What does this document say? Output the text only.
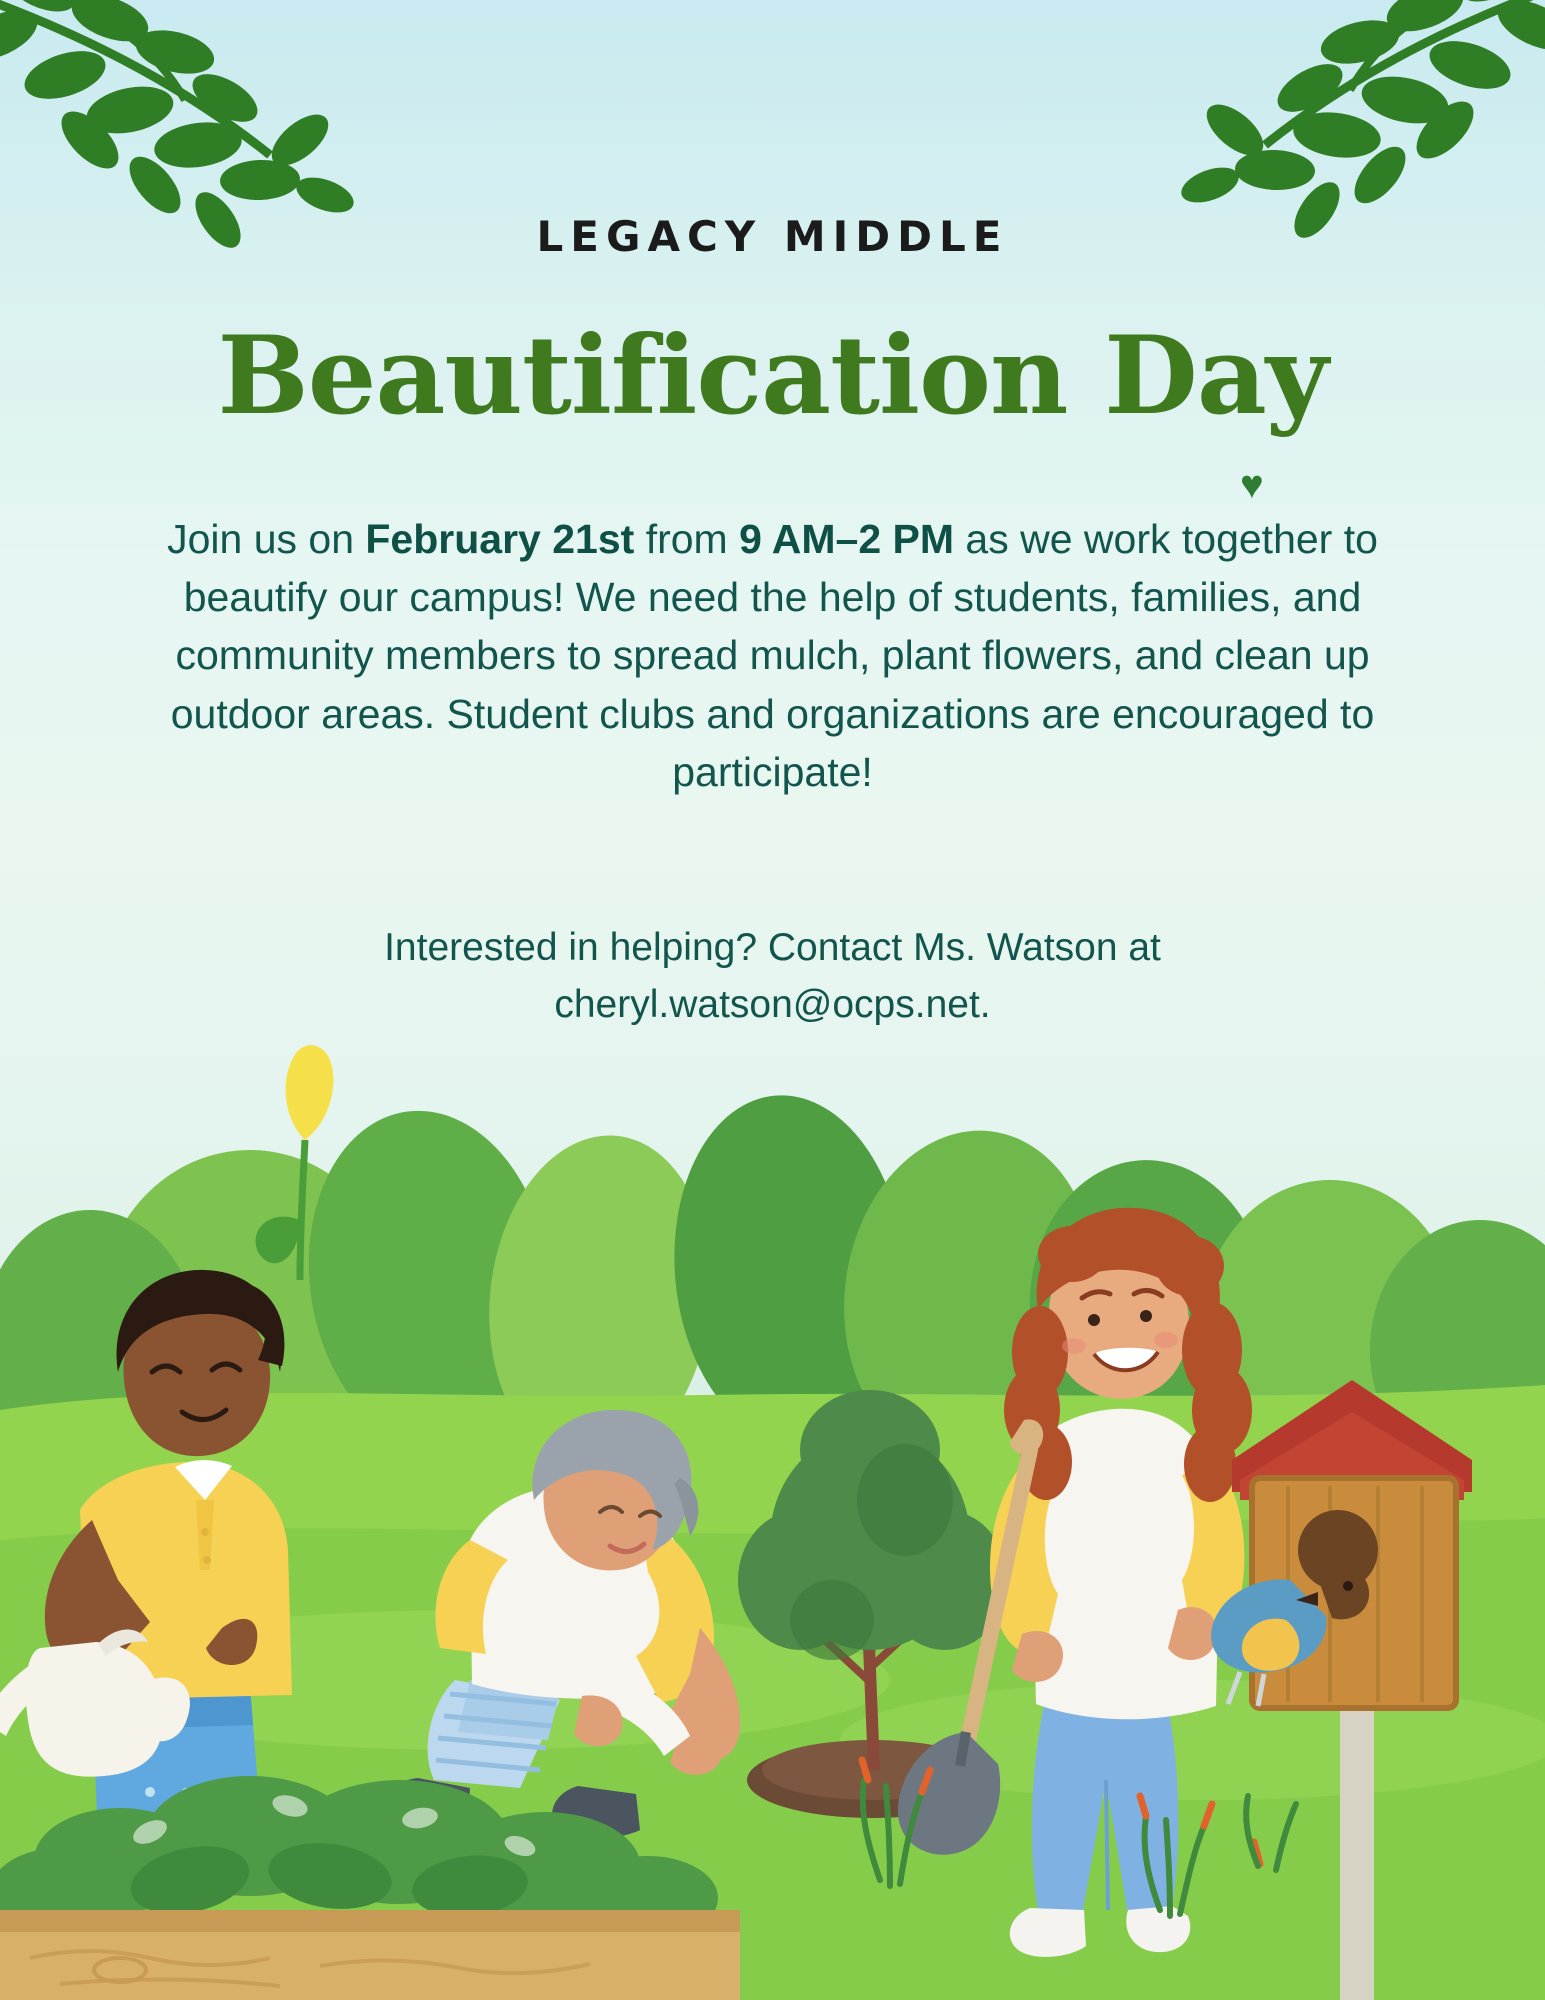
LEGACY MIDDLE
Beautification Day
♥
Join us on February 21st from 9 AM–2 PM as we work together to beautify our campus! We need the help of students, families, and community members to spread mulch, plant flowers, and clean up outdoor areas. Student clubs and organizations are encouraged to participate!
Interested in helping? Contact Ms. Watson at cheryl.watson@ocps.net.
